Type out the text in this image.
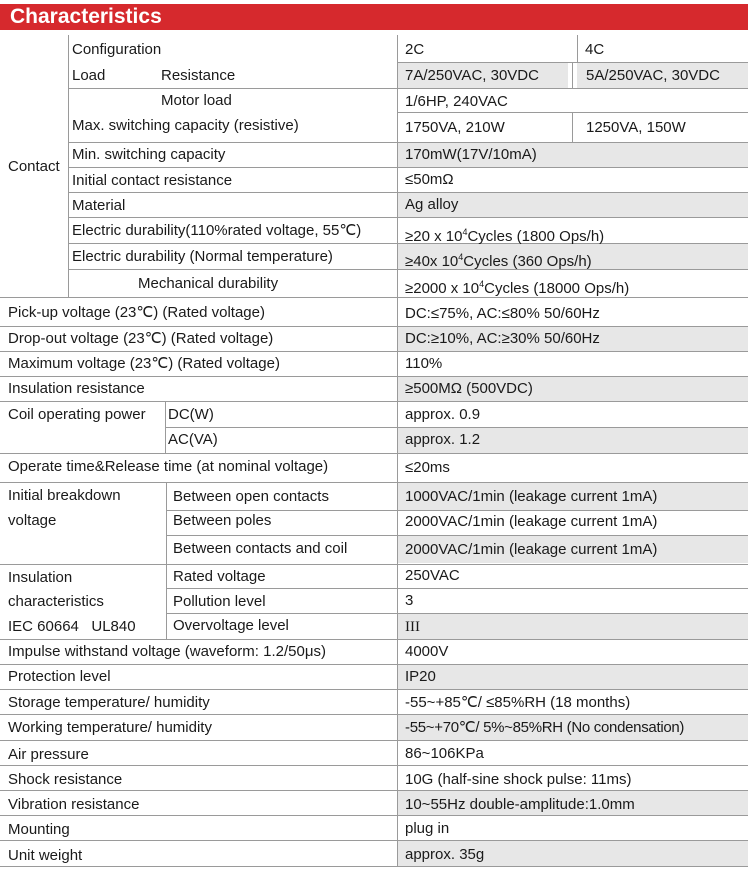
Characteristics
Contact
Configuration	2C	4C
Load	Resistance	7A/250VAC, 30VDC	5A/250VAC, 30VDC
Motor load	1/6HP, 240VAC
Max. switching capacity (resistive)	1750VA, 210W	1250VA, 150W
Min. switching capacity	170mW(17V/10mA)
Initial contact resistance	≤50mΩ
Material	Ag alloy
Electric durability(110%rated voltage, 55℃)	≥20 x $10^4Cycles$ (1800 Ops/h)
Electric durability (Normal temperature)	≥40x $10^4Cycles$ (360 Ops/h)
Mechanical durability	≥2000 x $10^4Cycles$ (18000 Ops/h)
Pick-up voltage (23℃) (Rated voltage)	DC:≤75%, AC:≤80% 50/60Hz
Drop-out voltage (23℃) (Rated voltage)	DC:≥10%, AC:≥30% 50/60Hz
Maximum voltage (23℃) (Rated voltage)	110%
Insulation resistance	≥500MΩ (500VDC)
Coil operating power DC(W)	approx. 0.9
AC(VA)	approx. 1.2
Operate time&Release time (at nominal voltage)	≤20ms
Initial breakdown
voltage
Between open contacts	1000VAC/1min (leakage current 1mA)
Between poles	2000VAC/1min (leakage current 1mA)
Between contacts and coil	2000VAC/1min (leakage current 1mA)
Insulation
characteristics
IEC 60664   UL840
Rated voltage	250VAC
Pollution level	3
Overvoltage level	III
Impulse withstand voltage (waveform: 1.2/50μs)	4000V
Protection level	IP20
Storage temperature/ humidity	-55~+85℃/ ≤85%RH (18 months)
Working temperature/ humidity	-55~+70℃/ 5%~85%RH (No condensation)
Air pressure	86~106KPa
Shock resistance	10G (half-sine shock pulse: 11ms)
Vibration resistance	10~55Hz double-amplitude:1.0mm
Mounting	plug in
Unit weight	approx. 35g
